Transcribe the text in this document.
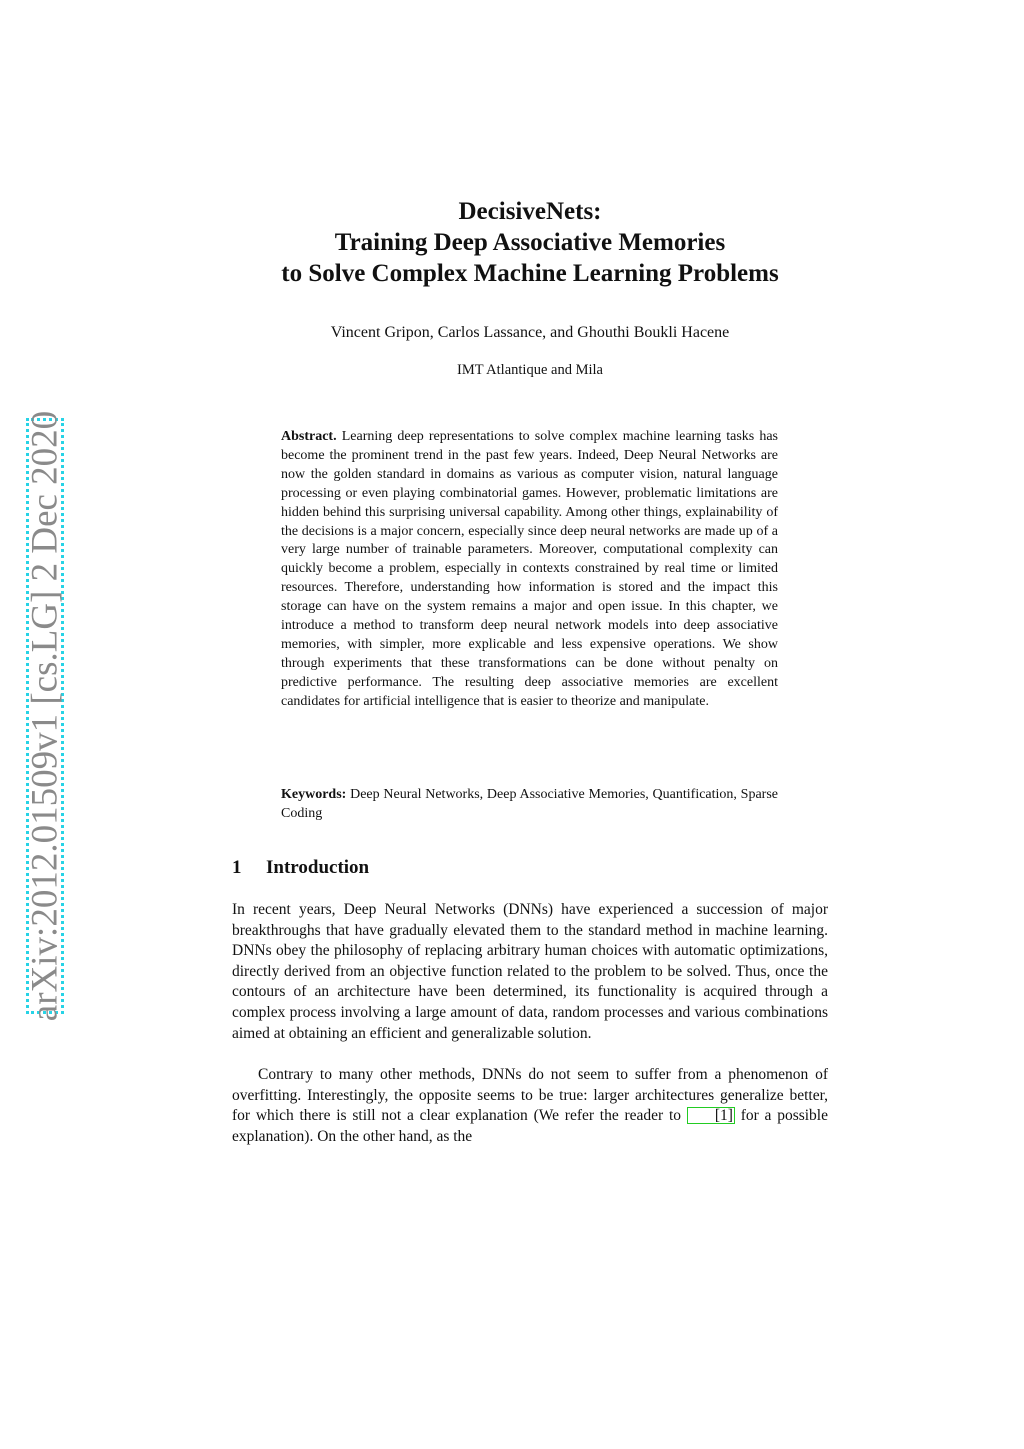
arXiv:2012.01509v1 [cs.LG] 2 Dec 2020
DecisiveNets:
Training Deep Associative Memories
to Solve Complex Machine Learning Problems
Vincent Gripon, Carlos Lassance, and Ghouthi Boukli Hacene
IMT Atlantique and Mila
Abstract. Learning deep representations to solve complex machine learning tasks has become the prominent trend in the past few years. Indeed, Deep Neural Networks are now the golden standard in domains as various as computer vision, natural language processing or even playing combinatorial games. However, problematic limitations are hidden behind this surprising universal capability. Among other things, explainability of the decisions is a major concern, especially since deep neural networks are made up of a very large number of trainable parameters. Moreover, computational complexity can quickly become a problem, especially in contexts constrained by real time or limited resources. Therefore, understanding how information is stored and the impact this storage can have on the system remains a major and open issue. In this chapter, we introduce a method to transform deep neural network models into deep associative memories, with simpler, more explicable and less expensive operations. We show through experiments that these transformations can be done without penalty on predictive performance. The resulting deep associative memories are excellent candidates for artificial intelligence that is easier to theorize and manipulate.
Keywords: Deep Neural Networks, Deep Associative Memories, Quantification, Sparse Coding
1 Introduction
In recent years, Deep Neural Networks (DNNs) have experienced a succession of major breakthroughs that have gradually elevated them to the standard method in machine learning. DNNs obey the philosophy of replacing arbitrary human choices with automatic optimizations, directly derived from an objective function related to the problem to be solved. Thus, once the contours of an architecture have been determined, its functionality is acquired through a complex process involving a large amount of data, random processes and various combinations aimed at obtaining an efficient and generalizable solution.
Contrary to many other methods, DNNs do not seem to suffer from a phenomenon of overfitting. Interestingly, the opposite seems to be true: larger architectures generalize better, for which there is still not a clear explanation (We refer the reader to [1] for a possible explanation). On the other hand, as the
